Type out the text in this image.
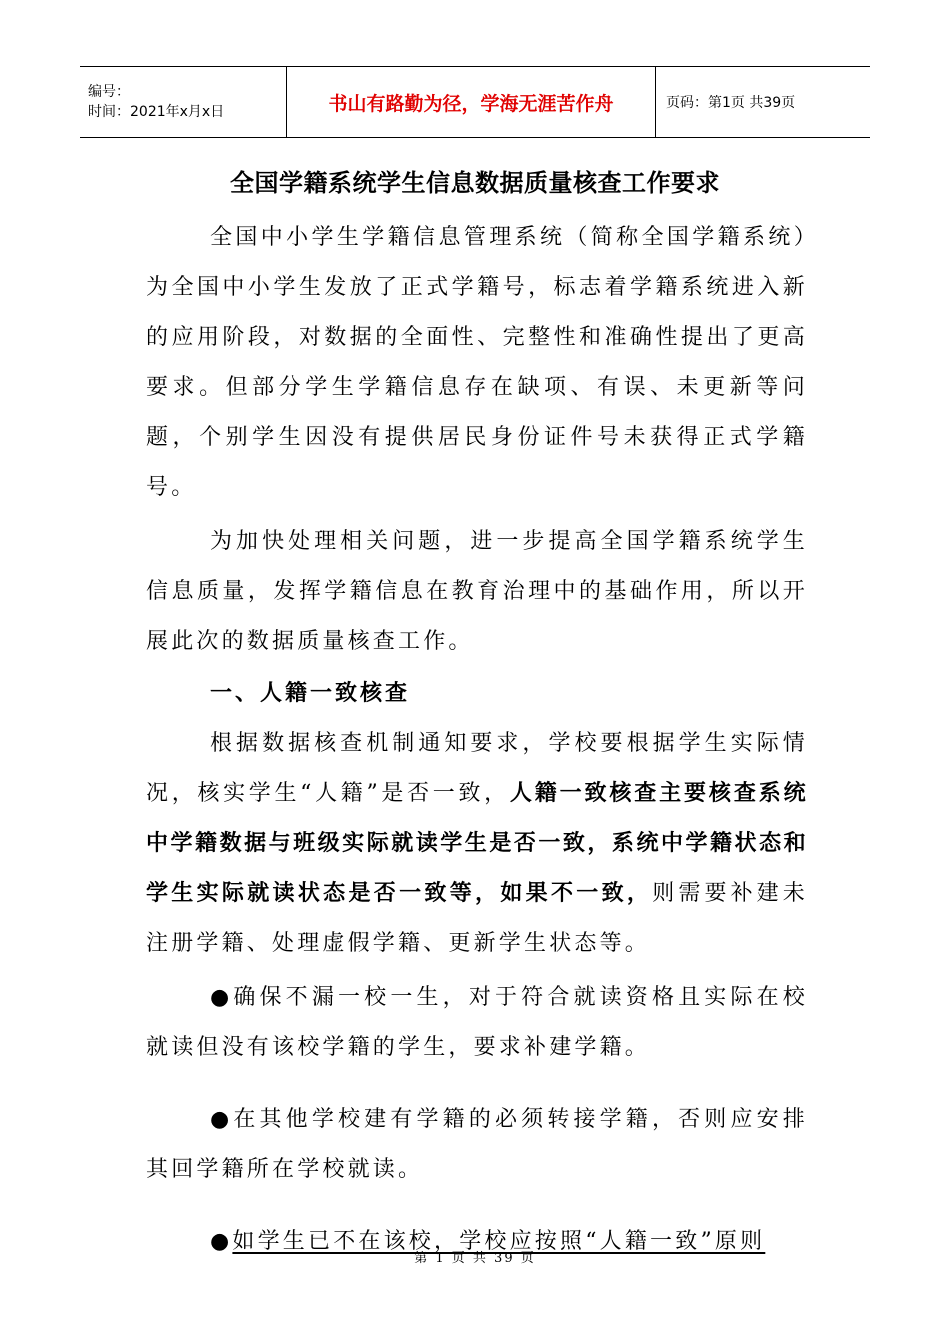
编号：
时间：2021年x月x日	书山有路勤为径，学海无涯苦作舟	页码：第1页 共39页
全国学籍系统学生信息数据质量核查工作要求

全国中小学生学籍信息管理系统（简称全国学籍系统）为全国中小学生发放了正式学籍号，标志着学籍系统进入新的应用阶段，对数据的全面性、完整性和准确性提出了更高要求。但部分学生学籍信息存在缺项、有误、未更新等问题，个别学生因没有提供居民身份证件号未获得正式学籍号。

为加快处理相关问题，进一步提高全国学籍系统学生信息质量，发挥学籍信息在教育治理中的基础作用，所以开展此次的数据质量核查工作。

一、人籍一致核查

根据数据核查机制通知要求，学校要根据学生实际情况，核实学生“人籍”是否一致，人籍一致核查主要核查系统中学籍数据与班级实际就读学生是否一致，系统中学籍状态和学生实际就读状态是否一致等，如果不一致，则需要补建未注册学籍、处理虚假学籍、更新学生状态等。

●确保不漏一校一生，对于符合就读资格且实际在校就读但没有该校学籍的学生，要求补建学籍。

●在其他学校建有学籍的必须转接学籍，否则应安排其回学籍所在学校就读。

●如学生已不在该校，学校应按照“人籍一致”原则

第 1 页 共 39 页
